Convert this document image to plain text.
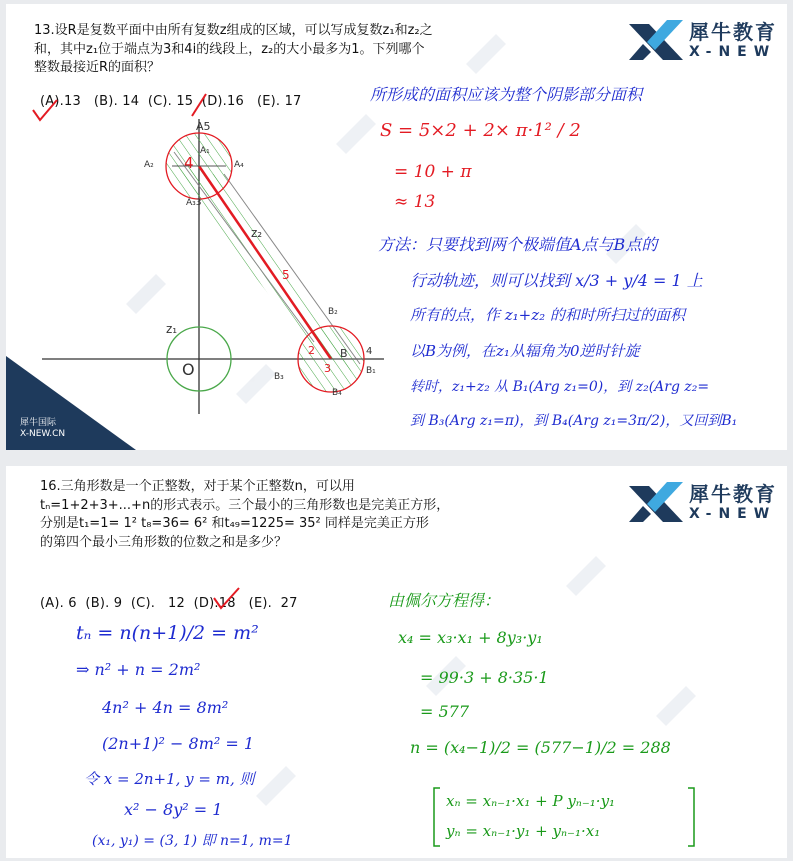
13.设R是复数平面中由所有复数z组成的区域，可以写成复数z₁和z₂之
和，其中z₁位于端点为3和4i的线段上，z₂的大小最多为1。下列哪个
整数最接近R的面积？
(A).13   (B). 14  (C). 15  (D).16   (E). 17
犀牛教育
X-NEW
犀牛国际
X-NEW.CN
A5
A₁
A₂	A₄
A₃3
4
z₂
5
z₁
O
B₂
2 B 4
B₁
3
B₃
B₄
所形成的面积应该为整个阴影部分面积
S = 5×2 + 2× π·1² / 2
= 10 + π
≈ 13
方法：只要找到两个极端值A点与B点的
行动轨迹，则可以找到 x/3 + y/4 = 1 上
所有的点，作 z₁+z₂ 的和时所扫过的面积
以B为例，在z₁从辐角为0逆时针旋
转时，z₁+z₂ 从 B₁(Arg z₁=0)，到 z₂(Arg z₂=
到 B₃(Arg z₁=π)，到 B₄(Arg z₁=3π/2)，又回到B₁
16.三角形数是一个正整数，对于某个正整数n，可以用
tₙ=1+2+3+...+n的形式表示。三个最小的三角形数也是完美正方形，
分别是t₁=1= 1² t₈=36= 6² 和t₄₉=1225= 35² 同样是完美正方形
的第四个最小三角形数的位数之和是多少？
(A). 6  (B). 9  (C).   12  (D).18   (E).  27
犀牛教育
X-NEW
tₙ = n(n+1)/2 = m²
⇒ n² + n = 2m²
4n² + 4n = 8m²
(2n+1)² − 8m² = 1
令 x = 2n+1, y = m, 则
x² − 8y² = 1
(x₁, y₁) = (3, 1) 即 n=1, m=1
由佩尔方程得：
x₄ = x₃·x₁ + 8y₃·y₁
= 99·3 + 8·35·1
= 577
n = (x₄−1)/2 = (577−1)/2 = 288
xₙ = xₙ₋₁·x₁ + P yₙ₋₁·y₁
yₙ = xₙ₋₁·y₁ + yₙ₋₁·x₁
